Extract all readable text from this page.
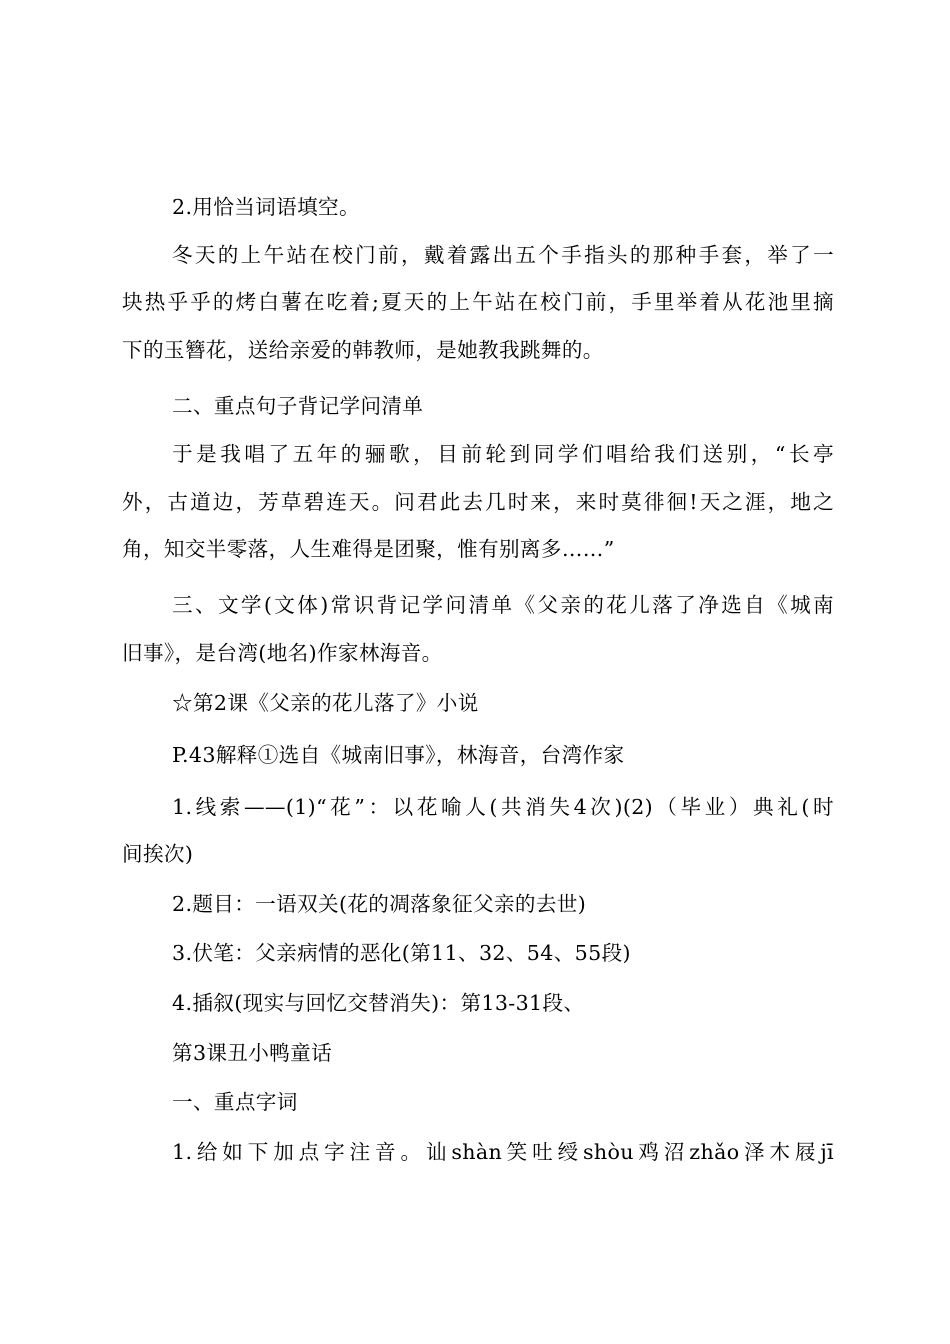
2.用恰当词语填空。
冬天的上午站在校门前，戴着露出五个手指头的那种手套，举了一
块热乎乎的烤白薯在吃着;夏天的上午站在校门前，手里举着从花池里摘
下的玉簪花，送给亲爱的韩教师，是她教我跳舞的。
二、重点句子背记学问清单
于是我唱了五年的骊歌，目前轮到同学们唱给我们送别，“长亭
外，古道边，芳草碧连天。问君此去几时来，来时莫徘徊!天之涯，地之
角，知交半零落，人生难得是团聚，惟有别离多……”
三、文学(文体)常识背记学问清单《父亲的花儿落了净选自《城南
旧事》，是台湾(地名)作家林海音。
☆第2课《父亲的花儿落了》小说
P.43解释①选自《城南旧事》，林海音，台湾作家
1.线索——(1)“花”：以花喻人(共消失4次)(2)（毕业）典礼(时
间挨次)
2.题目：一语双关(花的凋落象征父亲的去世)
3.伏笔：父亲病情的恶化(第11、32、54、55段)
4.插叙(现实与回忆交替消失)：第13-31段、
第3课丑小鸭童话
一、重点字词
1.给如下加点字注音。讪shàn笑吐绶shòu鸡沼zhǎo泽木屐jī
